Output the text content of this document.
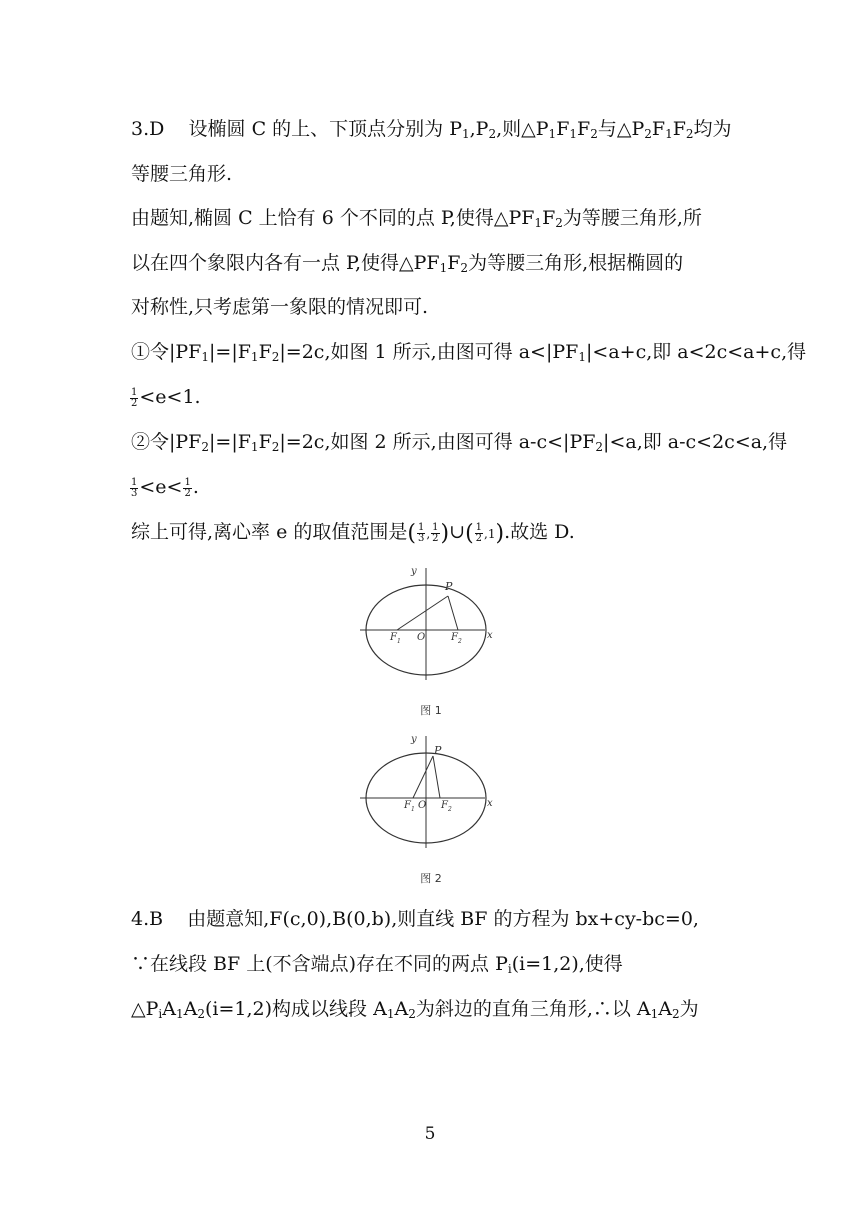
3.D 设椭圆 C 的上、下顶点分别为 $P_1,P_2$,则$\triangle P_1F_1F_2$与$\triangle P_2F_1F_2$均为
等腰三角形.
由题知,椭圆 C 上恰有 6 个不同的点 P,使得$\triangle PF_1F_2$为等腰三角形,所
以在四个象限内各有一点 P,使得$\triangle PF_1F_2$为等腰三角形,根据椭圆的
对称性,只考虑第一象限的情况即可.
①令$|PF_1|=|F_1F_2|=2c$,如图 1 所示,由图可得 $a<|PF_1|<a+c$,即 a<2c<a+c,得
$\frac{1}{2} <e<1$.
②令$|PF_2|=|F_1F_2|=2c$,如图 2 所示,由图可得 $a-c<|PF_2|<a$,即 a-c<2c<a,得
$\frac{1}{3} <e< \frac{1}{2}$ .
综上可得,离心率 e 的取值范围是( $\frac{1}{3}$ , $\frac{1}{2}$ )∪( $\frac{1}{2} ,1$).故选 D.
y
x
P
F 1 O	F 2
图 1
y
x
P
F 1 O F 2
图 2
4.B 由题意知,F(c,0),B(0,b),则直线 BF 的方程为 bx+cy-bc=0,
∵在线段 BF 上(不含端点)存在不同的两点 $P_i(i=1,2)$,使得
$\triangle P_iA_1A_2(i=1,2)$构成以线段 $A_1A_2$为斜边的直角三角形,∴以 $A_1A_2$为
5
